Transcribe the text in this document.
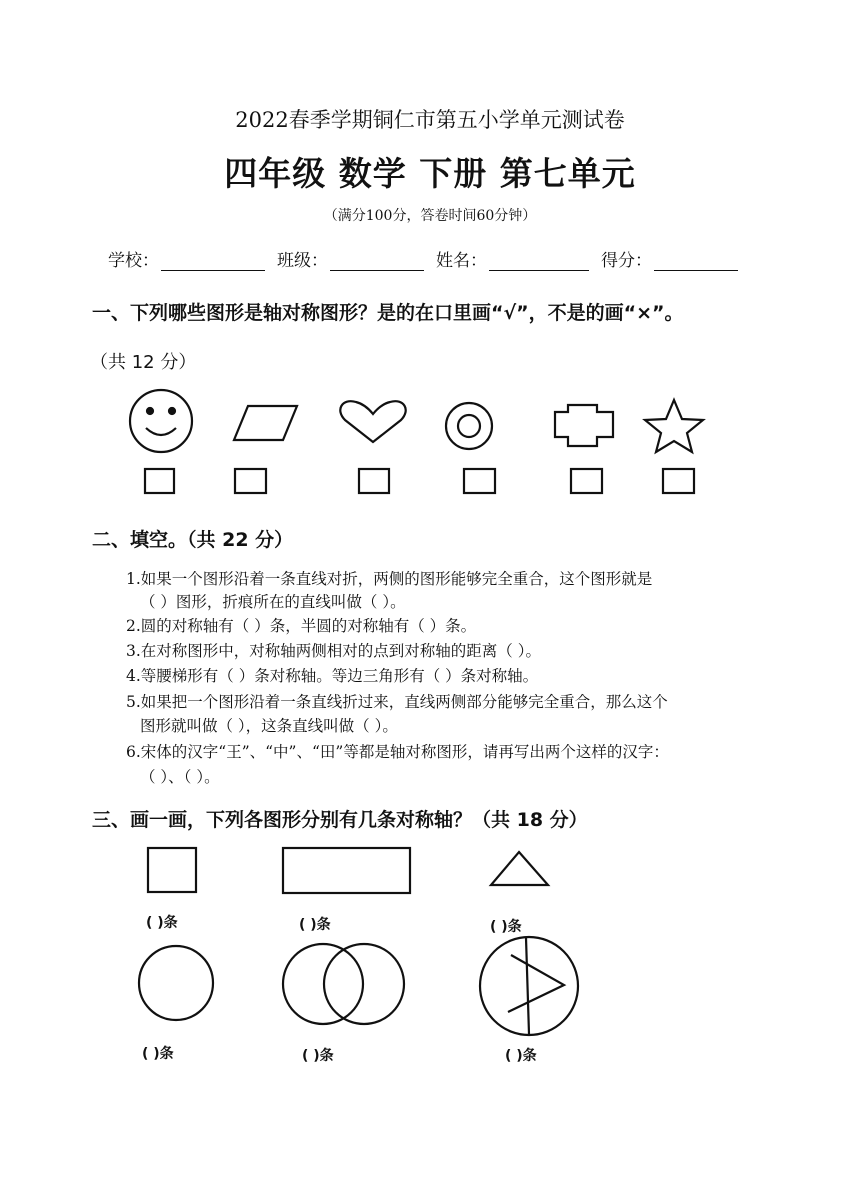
2022春季学期铜仁市第五小学单元测试卷
四年级 数学 下册 第七单元
（满分100分，答卷时间60分钟）
学校：	班级：	姓名：	得分：
一、下列哪些图形是轴对称图形？是的在口里画“√”，不是的画“×”。
（共 12 分）
二、填空。（共 22 分）
1.如果一个图形沿着一条直线对折，两侧的图形能够完全重合，这个图形就是
（ ）图形，折痕所在的直线叫做（ ）。
2.圆的对称轴有（ ）条，半圆的对称轴有（ ）条。
3.在对称图形中，对称轴两侧相对的点到对称轴的距离（ ）。
4.等腰梯形有（ ）条对称轴。等边三角形有（ ）条对称轴。
5.如果把一个图形沿着一条直线折过来，直线两侧部分能够完全重合，那么这个
图形就叫做（ ），这条直线叫做（ ）。
6.宋体的汉字“王”、“中”、“田”等都是轴对称图形，请再写出两个这样的汉字：
（ ）、（ ）。
三、画一画，下列各图形分别有几条对称轴？（共 18 分）
( )条	( )条	( )条
( )条	( )条	( )条
